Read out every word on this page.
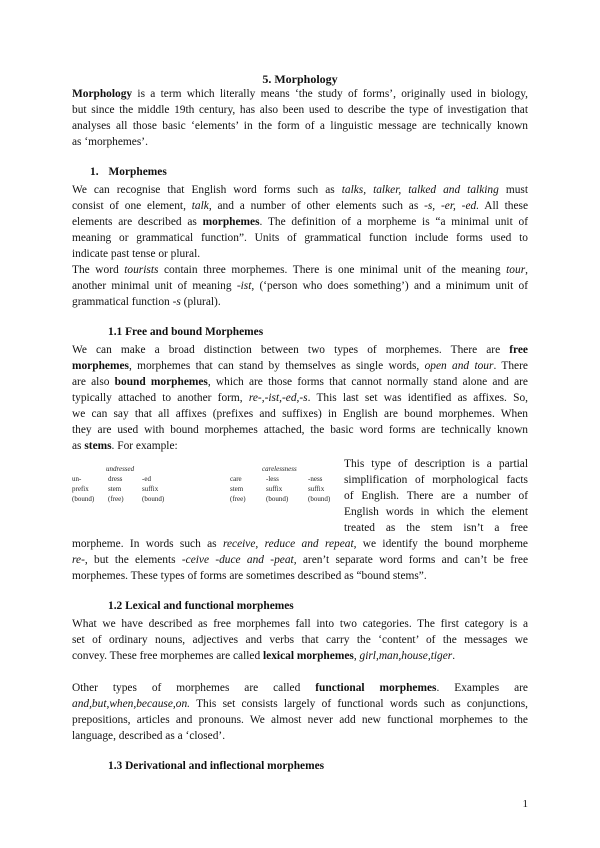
5. Morphology
Morphology is a term which literally means ‘the study of forms’, originally used in biology,
but since the middle 19th century, has also been used to describe the type of investigation that
analyses all those basic ‘elements’ in the form of a linguistic message are technically known
as ‘morphemes’.
1. Morphemes
We can recognise that English word forms such as talks, talker, talked and talking must
consist of one element, talk, and a number of other elements such as -s, -er, -ed. All these
elements are described as morphemes. The definition of a morpheme is “a minimal unit of
meaning or grammatical function”. Units of grammatical function include forms used to
indicate past tense or plural.
The word tourists contain three morphemes. There is one minimal unit of the meaning tour,
another minimal unit of meaning -ist, (‘person who does something’) and a minimum unit of
grammatical function -s (plural).
1.1 Free and bound Morphemes
We can make a broad distinction between two types of morphemes. There are free
morphemes, morphemes that can stand by themselves as single words, open and tour. There
are also bound morphemes, which are those forms that cannot normally stand alone and are
typically attached to another form, re-,-ist,-ed,-s. This last set was identified as affixes. So,
we can say that all affixes (prefixes and suffixes) in English are bound morphemes. When
they are used with bound morphemes attached, the basic word forms are technically known
as stems. For example:
undressed
un-	dress	-ed
prefix	stem	suffix
(bound) (free)	(bound)
carelessness
care	-less	-ness
stem	suffix	suffix
(free)	(bound)	(bound)
This type of description is a partial
simplification of morphological facts
of English. There are a number of
English words in which the element
treated as the stem isn’t a free
morpheme. In words such as receive, reduce and repeat, we identify the bound morpheme
re-, but the elements -ceive -duce and -peat, aren’t separate word forms and can’t be free
morphemes. These types of forms are sometimes described as “bound stems”.
1.2 Lexical and functional morphemes
What we have described as free morphemes fall into two categories. The first category is a
set of ordinary nouns, adjectives and verbs that carry the ‘content’ of the messages we
convey. These free morphemes are called lexical morphemes, girl,man,house,tiger.
Other types of morphemes are called functional morphemes. Examples are
and,but,when,because,on. This set consists largely of functional words such as conjunctions,
prepositions, articles and pronouns. We almost never add new functional morphemes to the
language, described as a ‘closed’.
1.3 Derivational and inflectional morphemes
1
